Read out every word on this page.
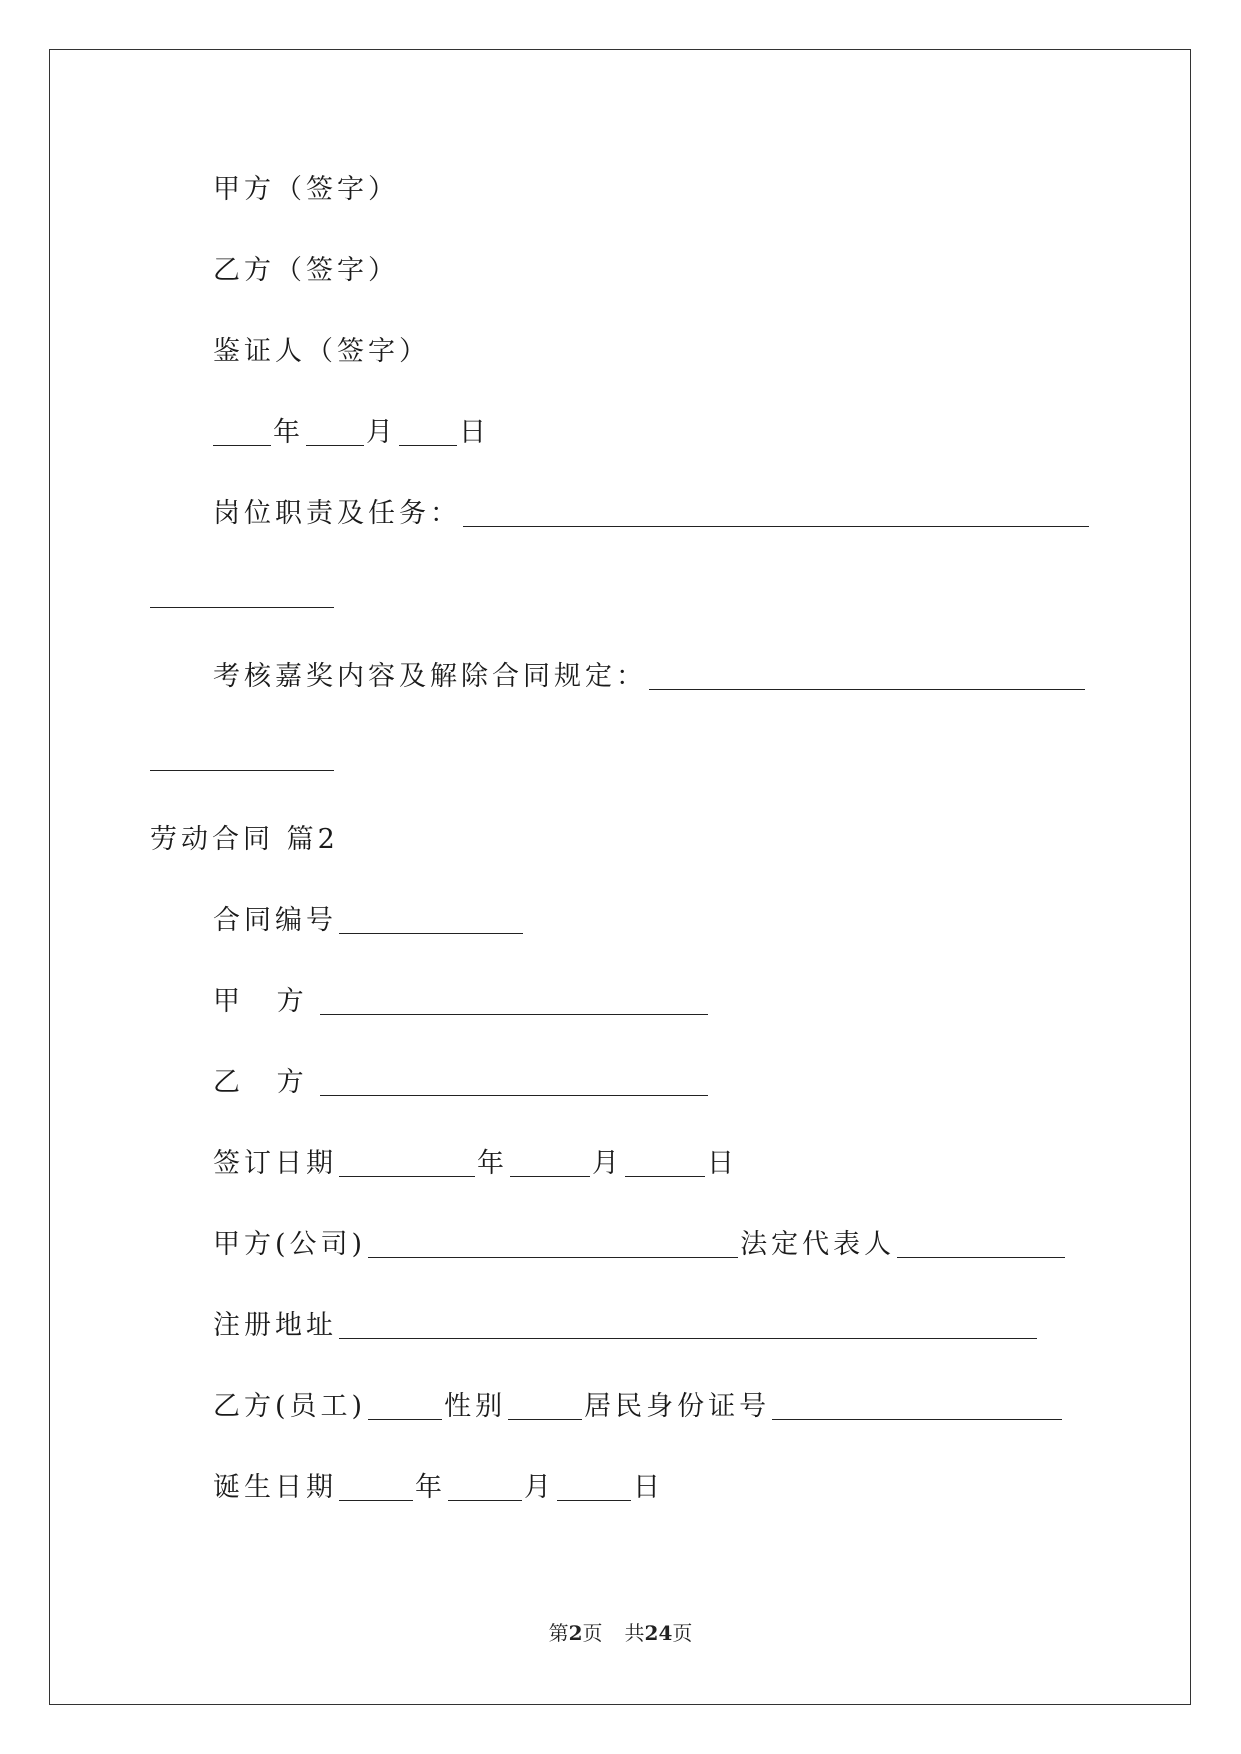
甲方（签字）
乙方（签字）
鉴证人（签字）
年 月 日
岗位职责及任务：
考核嘉奖内容及解除合同规定：
劳动合同 篇2
合同编号
甲 方
乙 方
签订日期	年	月	日
甲方(公司)	法定代表人
注册地址
乙方(员工)	性别	居民身份证号
诞生日期	年	月	日
第2页 共24页
